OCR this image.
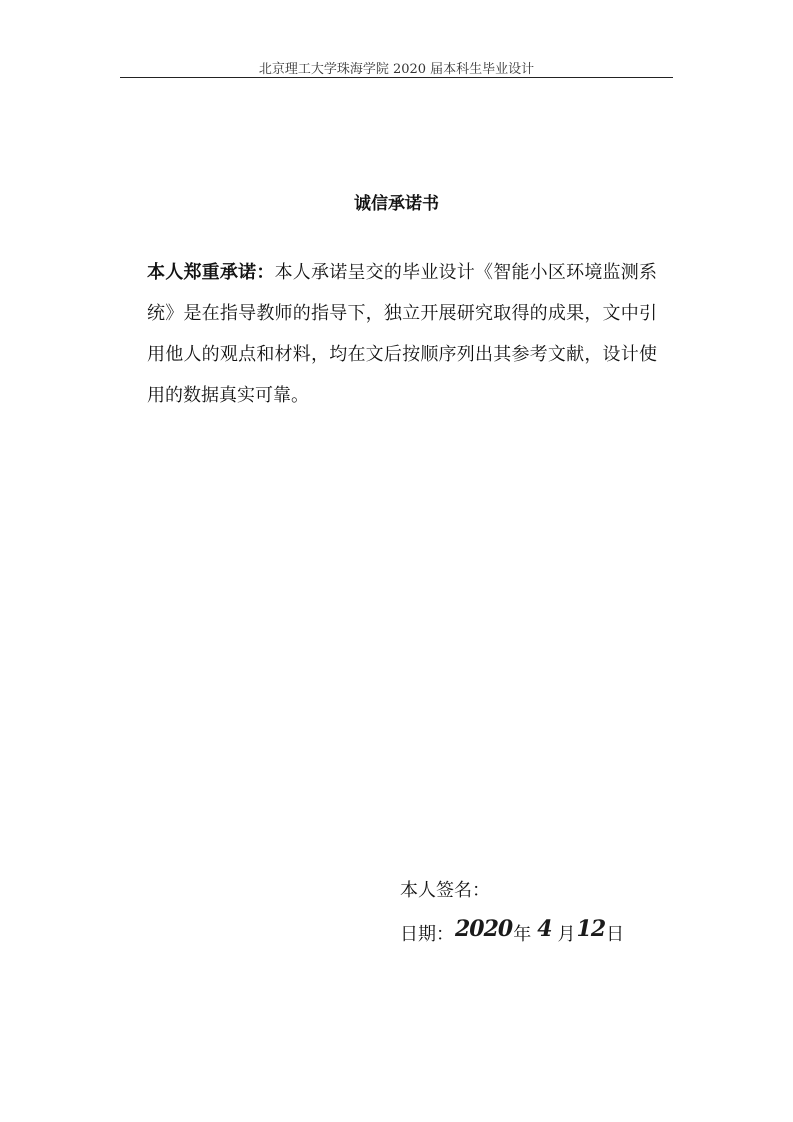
北京理工大学珠海学院 2020 届本科生毕业设计
诚信承诺书
本人郑重承诺：本人承诺呈交的毕业设计《智能小区环境监测系统》是在指导教师的指导下，独立开展研究取得的成果，文中引用他人的观点和材料，均在文后按顺序列出其参考文献，设计使用的数据真实可靠。
本人签名：
日期：2020年 4 月12日
